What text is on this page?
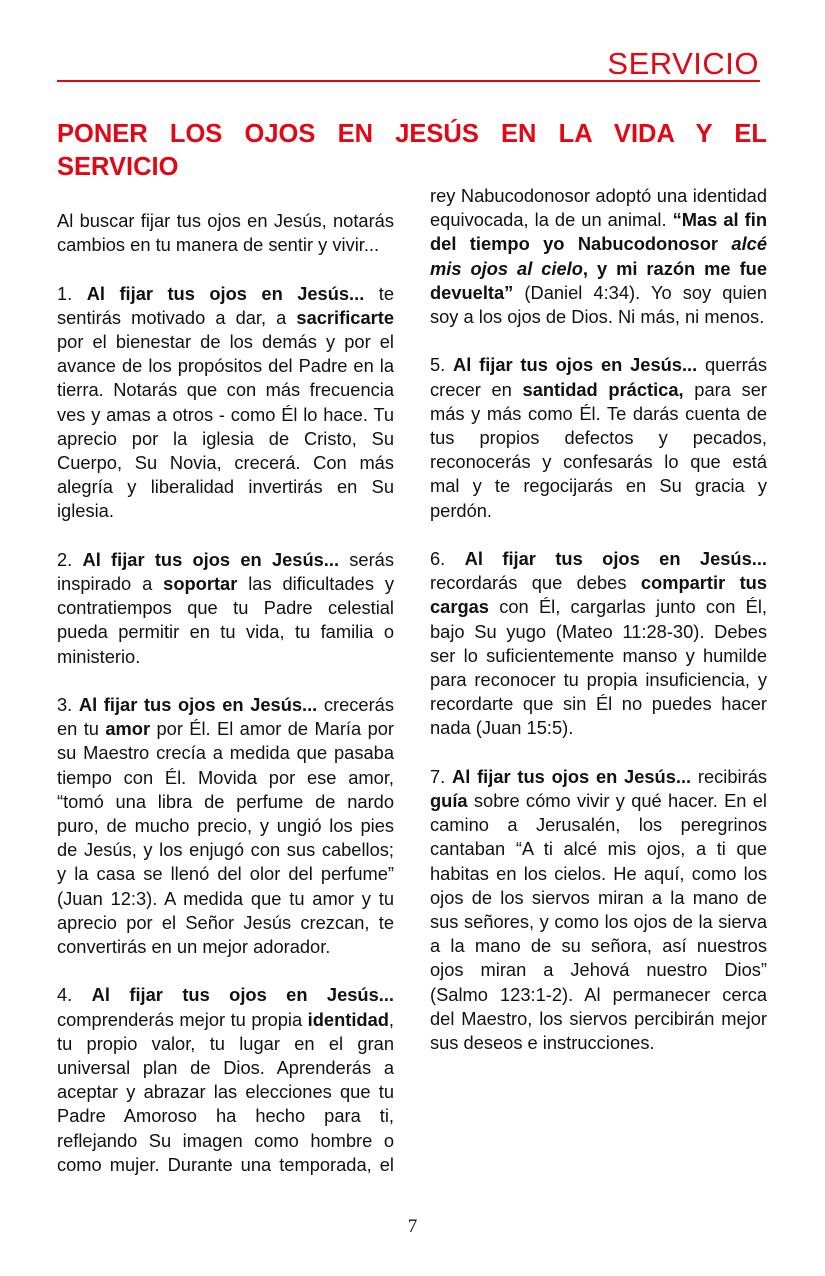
SERVICIO
PONER LOS OJOS EN JESÚS EN LA VIDA Y EL SERVICIO

Al buscar fijar tus ojos en Jesús, notarás cambios en tu manera de sentir y vivir...

1. Al fijar tus ojos en Jesús... te sentirás motivado a dar, a sacrificarte por el bienestar de los demás y por el avance de los propósitos del Padre en la tierra. Notarás que con más frecuencia ves y amas a otros - como Él lo hace. Tu aprecio por la iglesia de Cristo, Su Cuerpo, Su Novia, crecerá. Con más alegría y liberalidad invertirás en Su iglesia.

2. Al fijar tus ojos en Jesús... serás inspirado a soportar las dificultades y contratiempos que tu Padre celestial pueda permitir en tu vida, tu familia o ministerio.

3. Al fijar tus ojos en Jesús... crecerás en tu amor por Él. El amor de María por su Maestro crecía a medida que pasaba tiempo con Él. Movida por ese amor, “tomó una libra de perfume de nardo puro, de mucho precio, y ungió los pies de Jesús, y los enjugó con sus cabellos; y la casa se llenó del olor del perfume” (Juan 12:3). A medida que tu amor y tu aprecio por el Señor Jesús crezcan, te convertirás en un mejor adorador.

4. Al fijar tus ojos en Jesús... comprenderás mejor tu propia identidad, tu propio valor, tu lugar en el gran universal plan de Dios. Aprenderás a aceptar y abrazar las elecciones que tu Padre Amoroso ha hecho para ti, reflejando Su imagen como hombre o como mujer. Durante una temporada, el

rey Nabucodonosor adoptó una identidad equivocada, la de un animal. “Mas al fin del tiempo yo Nabucodonosor alcé mis ojos al cielo, y mi razón me fue devuelta” (Daniel 4:34). Yo soy quien soy a los ojos de Dios. Ni más, ni menos.

5. Al fijar tus ojos en Jesús... querrás crecer en santidad práctica, para ser más y más como Él. Te darás cuenta de tus propios defectos y pecados, reconocerás y confesarás lo que está mal y te regocijarás en Su gracia y perdón.

6. Al fijar tus ojos en Jesús... recordarás que debes compartir tus cargas con Él, cargarlas junto con Él, bajo Su yugo (Mateo 11:28-30). Debes ser lo suficientemente manso y humilde para reconocer tu propia insuficiencia, y recordarte que sin Él no puedes hacer nada (Juan 15:5).

7. Al fijar tus ojos en Jesús... recibirás guía sobre cómo vivir y qué hacer. En el camino a Jerusalén, los peregrinos cantaban “A ti alcé mis ojos, a ti que habitas en los cielos. He aquí, como los ojos de los siervos miran a la mano de sus señores, y como los ojos de la sierva a la mano de su señora, así nuestros ojos miran a Jehová nuestro Dios” (Salmo 123:1-2). Al permanecer cerca del Maestro, los siervos percibirán mejor sus deseos e instrucciones.

7
